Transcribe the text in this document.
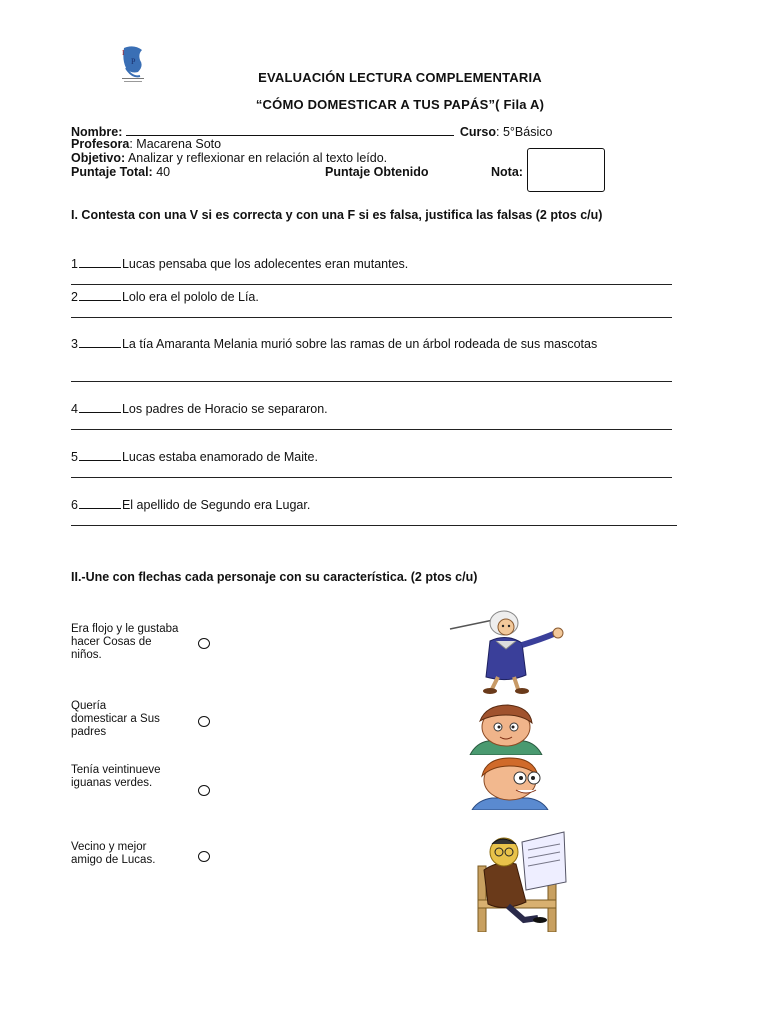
I
P
EVALUACIÓN LECTURA COMPLEMENTARIA
“CÓMO DOMESTICAR A TUS PAPÁS”( Fila A)
Nombre:	Curso: 5°Básico
Profesora: Macarena Soto
Objetivo: Analizar y reflexionar en relación al texto leído.
Puntaje Total: 40	Puntaje Obtenido	Nota:
I. Contesta con una V si es correcta y con una F si es falsa, justifica las falsas (2 ptos c/u)
1	Lucas pensaba que los adolecentes eran mutantes.
2	Lolo era el pololo de Lía.
3	La tía Amaranta Melania murió sobre las ramas de un árbol rodeada de sus mascotas
4	Los padres de Horacio se separaron.
5	Lucas estaba enamorado de Maite.
6	El apellido de Segundo era Lugar.
II.-Une con flechas cada personaje con su característica. (2 ptos c/u)
Era flojo y le gustaba hacer Cosas de niños.
Quería domesticar a Sus padres
Tenía veintinueve iguanas verdes.
Vecino y mejor amigo de Lucas.
